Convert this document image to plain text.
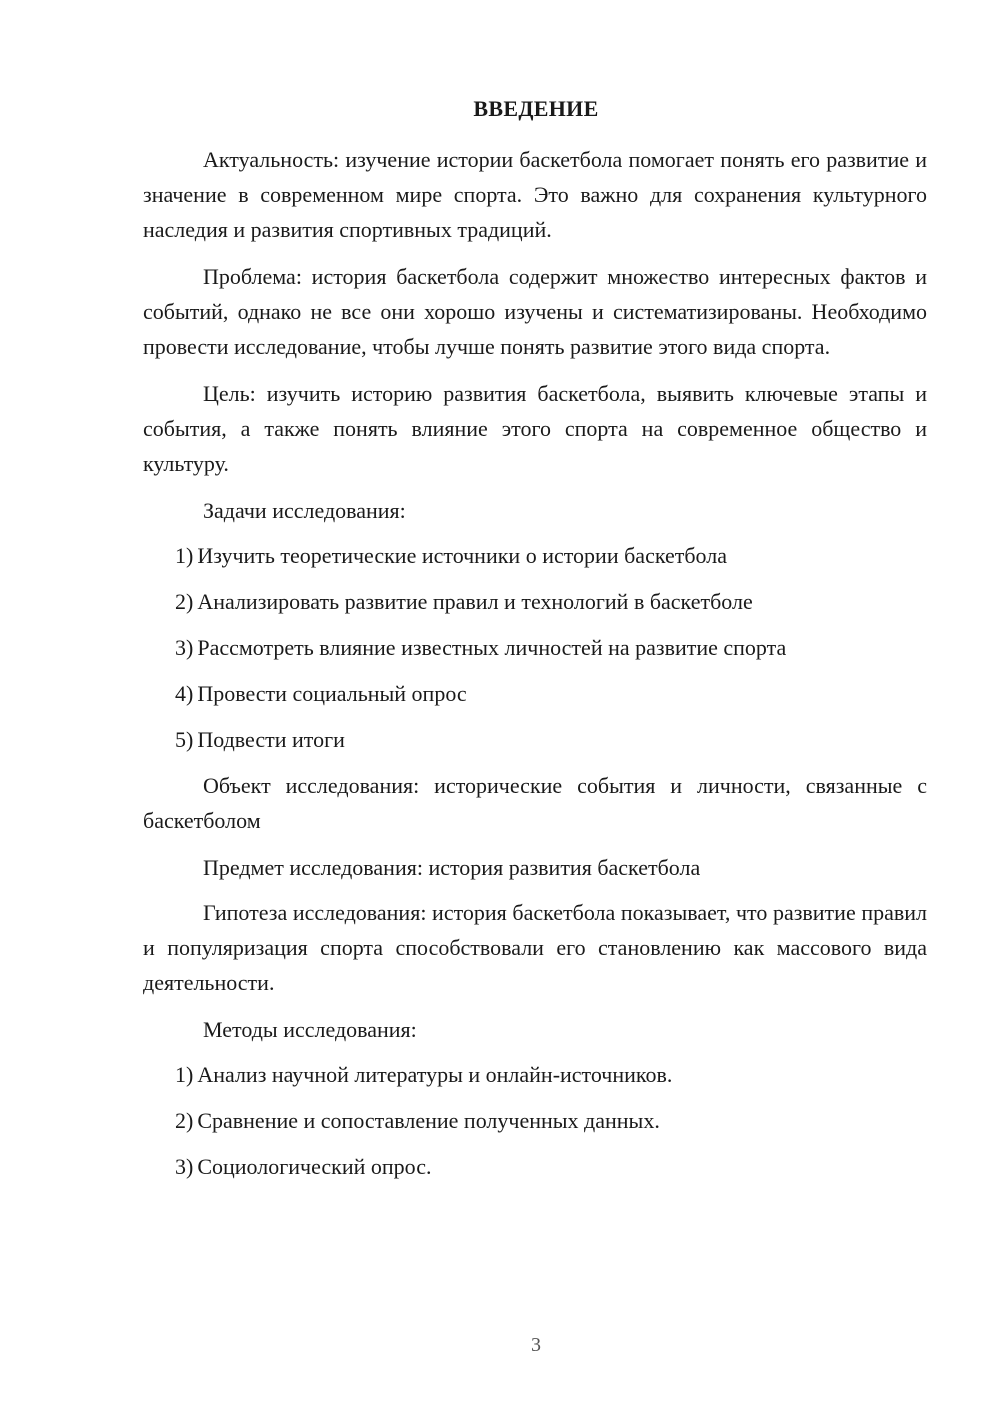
ВВЕДЕНИЕ

Актуальность: изучение истории баскетбола помогает понять его развитие и значение в современном мире спорта. Это важно для сохранения культурного наследия и развития спортивных традиций.

Проблема: история баскетбола содержит множество интересных фактов и событий, однако не все они хорошо изучены и систематизированы. Необходимо провести исследование, чтобы лучше понять развитие этого вида спорта.

Цель: изучить историю развития баскетбола, выявить ключевые этапы и события, а также понять влияние этого спорта на современное общество и культуру.

Задачи исследования:

1) Изучить теоретические источники о истории баскетбола
2) Анализировать развитие правил и технологий в баскетболе
3) Рассмотреть влияние известных личностей на развитие спорта
4) Провести социальный опрос
5) Подвести итоги

Объект исследования: исторические события и личности, связанные с баскетболом

Предмет исследования: история развития баскетбола

Гипотеза исследования: история баскетбола показывает, что развитие правил и популяризация спорта способствовали его становлению как массового вида деятельности.

Методы исследования:

1) Анализ научной литературы и онлайн-источников.
2) Сравнение и сопоставление полученных данных.
3) Социологический опрос.
3
